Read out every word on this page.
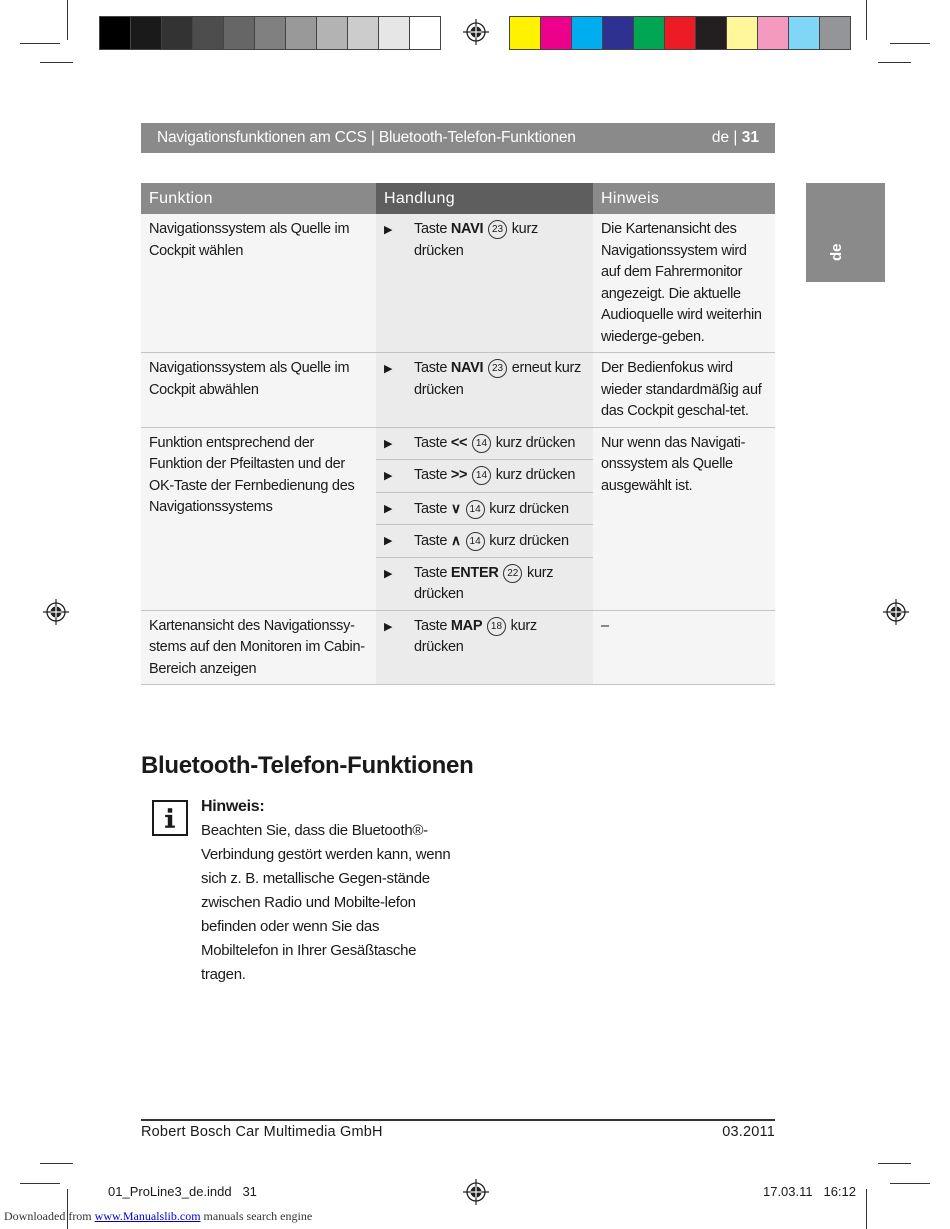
Navigationsfunktionen am CCS | Bluetooth-Telefon-Funktionen	de | 31
de
Funktion	Handlung	Hinweis
Navigationssystem als Quelle im Cockpit wählen	▶ Taste NAVI 23 kurz drücken	Die Kartenansicht des Navigationssystem wird auf dem Fahrermonitor angezeigt. Die aktuelle Audioquelle wird weiterhin wiederge-geben.
Navigationssystem als Quelle im Cockpit abwählen	▶ Taste NAVI 23 erneut kurz drücken	Der Bedienfokus wird wieder standardmäßig auf das Cockpit geschal-tet.
Funktion entsprechend der Funktion der Pfeiltasten und der OK-Taste der Fernbedienung des Navigationssystems	▶ Taste << 14 kurz drücken	Nur wenn das Navigati-onssystem als Quelle ausgewählt ist.

	▶ Taste >> 14 kurz drücken	

	▶ Taste ∨ 14 kurz drücken	

	▶ Taste ∧ 14 kurz drücken	

	▶ Taste ENTER 22 kurz drücken	

Kartenansicht des Navigationssy-stems auf den Monitoren im Cabin-Bereich anzeigen	▶ Taste MAP 18 kurz drücken	–
Bluetooth-Telefon-Funktionen
Hinweis:
Beachten Sie, dass die Bluetooth®-Verbindung gestört werden kann, wenn sich z. B. metallische Gegen-stände zwischen Radio und Mobilte-lefon befinden oder wenn Sie das Mobiltelefon in Ihrer Gesäßtasche tragen.
Robert Bosch Car Multimedia GmbH	03.2011
01_ProLine3_de.indd   31	17.03.11   16:12
Downloaded from www.Manualslib.com manuals search engine
